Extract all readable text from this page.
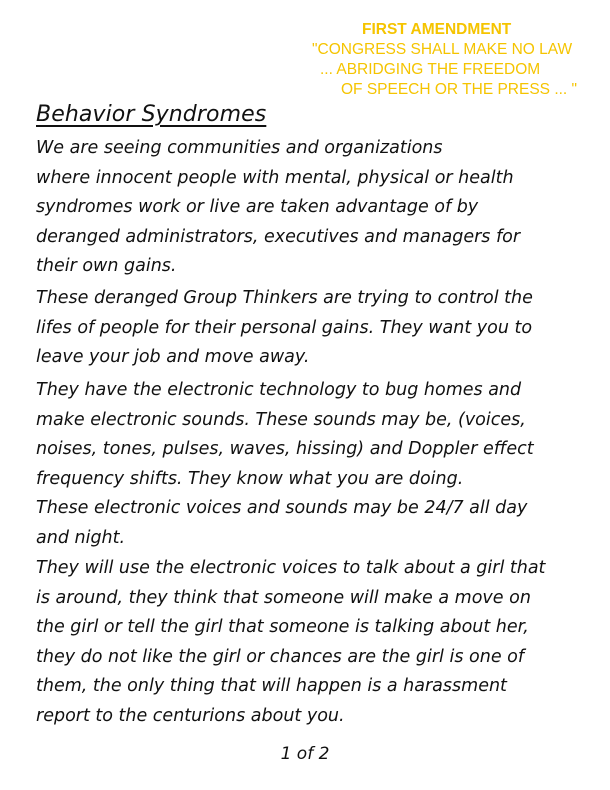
FIRST AMENDMENT
"CONGRESS SHALL MAKE NO LAW
... ABRIDGING THE FREEDOM
OF SPEECH OR THE PRESS ... "
Behavior Syndromes
We are seeing communities and organizations
where innocent people with mental, physical or health
syndromes work or live are taken advantage of by
deranged administrators, executives and managers for
their own gains.
These deranged Group Thinkers are trying to control the
lifes of people for their personal gains. They want you to
leave your job and move away.
They have the electronic technology to bug homes and
make electronic sounds. These sounds may be, (voices,
noises, tones, pulses, waves, hissing) and Doppler effect
frequency shifts. They know what you are doing.
These electronic voices and sounds may be 24/7 all day
and night.
They will use the electronic voices to talk about a girl that
is around, they think that someone will make a move on
the girl or tell the girl that someone is talking about her,
they do not like the girl or chances are the girl is one of
them, the only thing that will happen is a harassment
report to the centurions about you.
1 of 2
